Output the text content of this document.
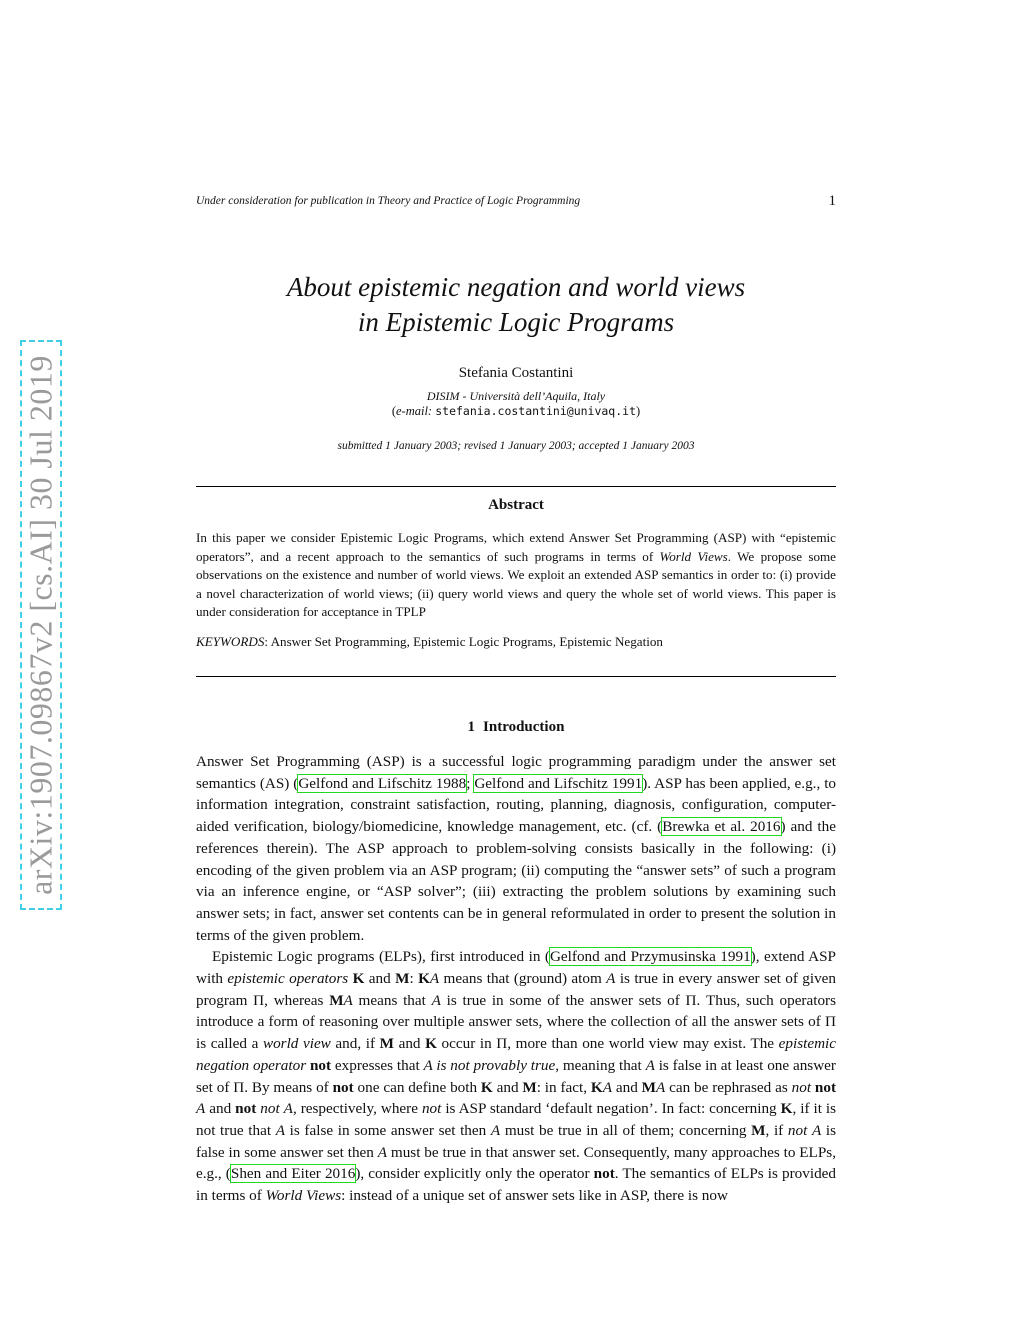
arXiv:1907.09867v2 [cs.AI] 30 Jul 2019
Under consideration for publication in Theory and Practice of Logic Programming	1
About epistemic negation and world views
in Epistemic Logic Programs
Stefania Costantini
DISIM - Università dell’Aquila, Italy
(e-mail: stefania.costantini@univaq.it)
submitted 1 January 2003; revised 1 January 2003; accepted 1 January 2003
Abstract
In this paper we consider Epistemic Logic Programs, which extend Answer Set Programming (ASP) with “epistemic operators”, and a recent approach to the semantics of such programs in terms of World Views. We propose some observations on the existence and number of world views. We exploit an extended ASP semantics in order to: (i) provide a novel characterization of world views; (ii) query world views and query the whole set of world views. This paper is under consideration for acceptance in TPLP
KEYWORDS: Answer Set Programming, Epistemic Logic Programs, Epistemic Negation
1 Introduction

Answer Set Programming (ASP) is a successful logic programming paradigm under the answer set semantics (AS) (Gelfond and Lifschitz 1988; Gelfond and Lifschitz 1991). ASP has been applied, e.g., to information integration, constraint satisfaction, routing, planning, diagnosis, configuration, computer-aided verification, biology/biomedicine, knowledge management, etc. (cf. (Brewka et al. 2016) and the references therein). The ASP approach to problem-solving consists basically in the following: (i) encoding of the given problem via an ASP program; (ii) computing the “answer sets” of such a program via an inference engine, or “ASP solver”; (iii) extracting the problem solutions by examining such answer sets; in fact, answer set contents can be in general reformulated in order to present the solution in terms of the given problem.

Epistemic Logic programs (ELPs), first introduced in (Gelfond and Przymusinska 1991), extend ASP with epistemic operators K and M: KA means that (ground) atom A is true in every answer set of given program Π, whereas MA means that A is true in some of the answer sets of Π. Thus, such operators introduce a form of reasoning over multiple answer sets, where the collection of all the answer sets of Π is called a world view and, if M and K occur in Π, more than one world view may exist. The epistemic negation operator not expresses that A is not provably true, meaning that A is false in at least one answer set of Π. By means of not one can define both K and M: in fact, KA and MA can be rephrased as not not A and not not A, respectively, where not is ASP standard ‘default negation’. In fact: concerning K, if it is not true that A is false in some answer set then A must be true in all of them; concerning M, if not A is false in some answer set then A must be true in that answer set. Consequently, many approaches to ELPs, e.g., (Shen and Eiter 2016), consider explicitly only the operator not. The semantics of ELPs is provided in terms of World Views: instead of a unique set of answer sets like in ASP, there is now
